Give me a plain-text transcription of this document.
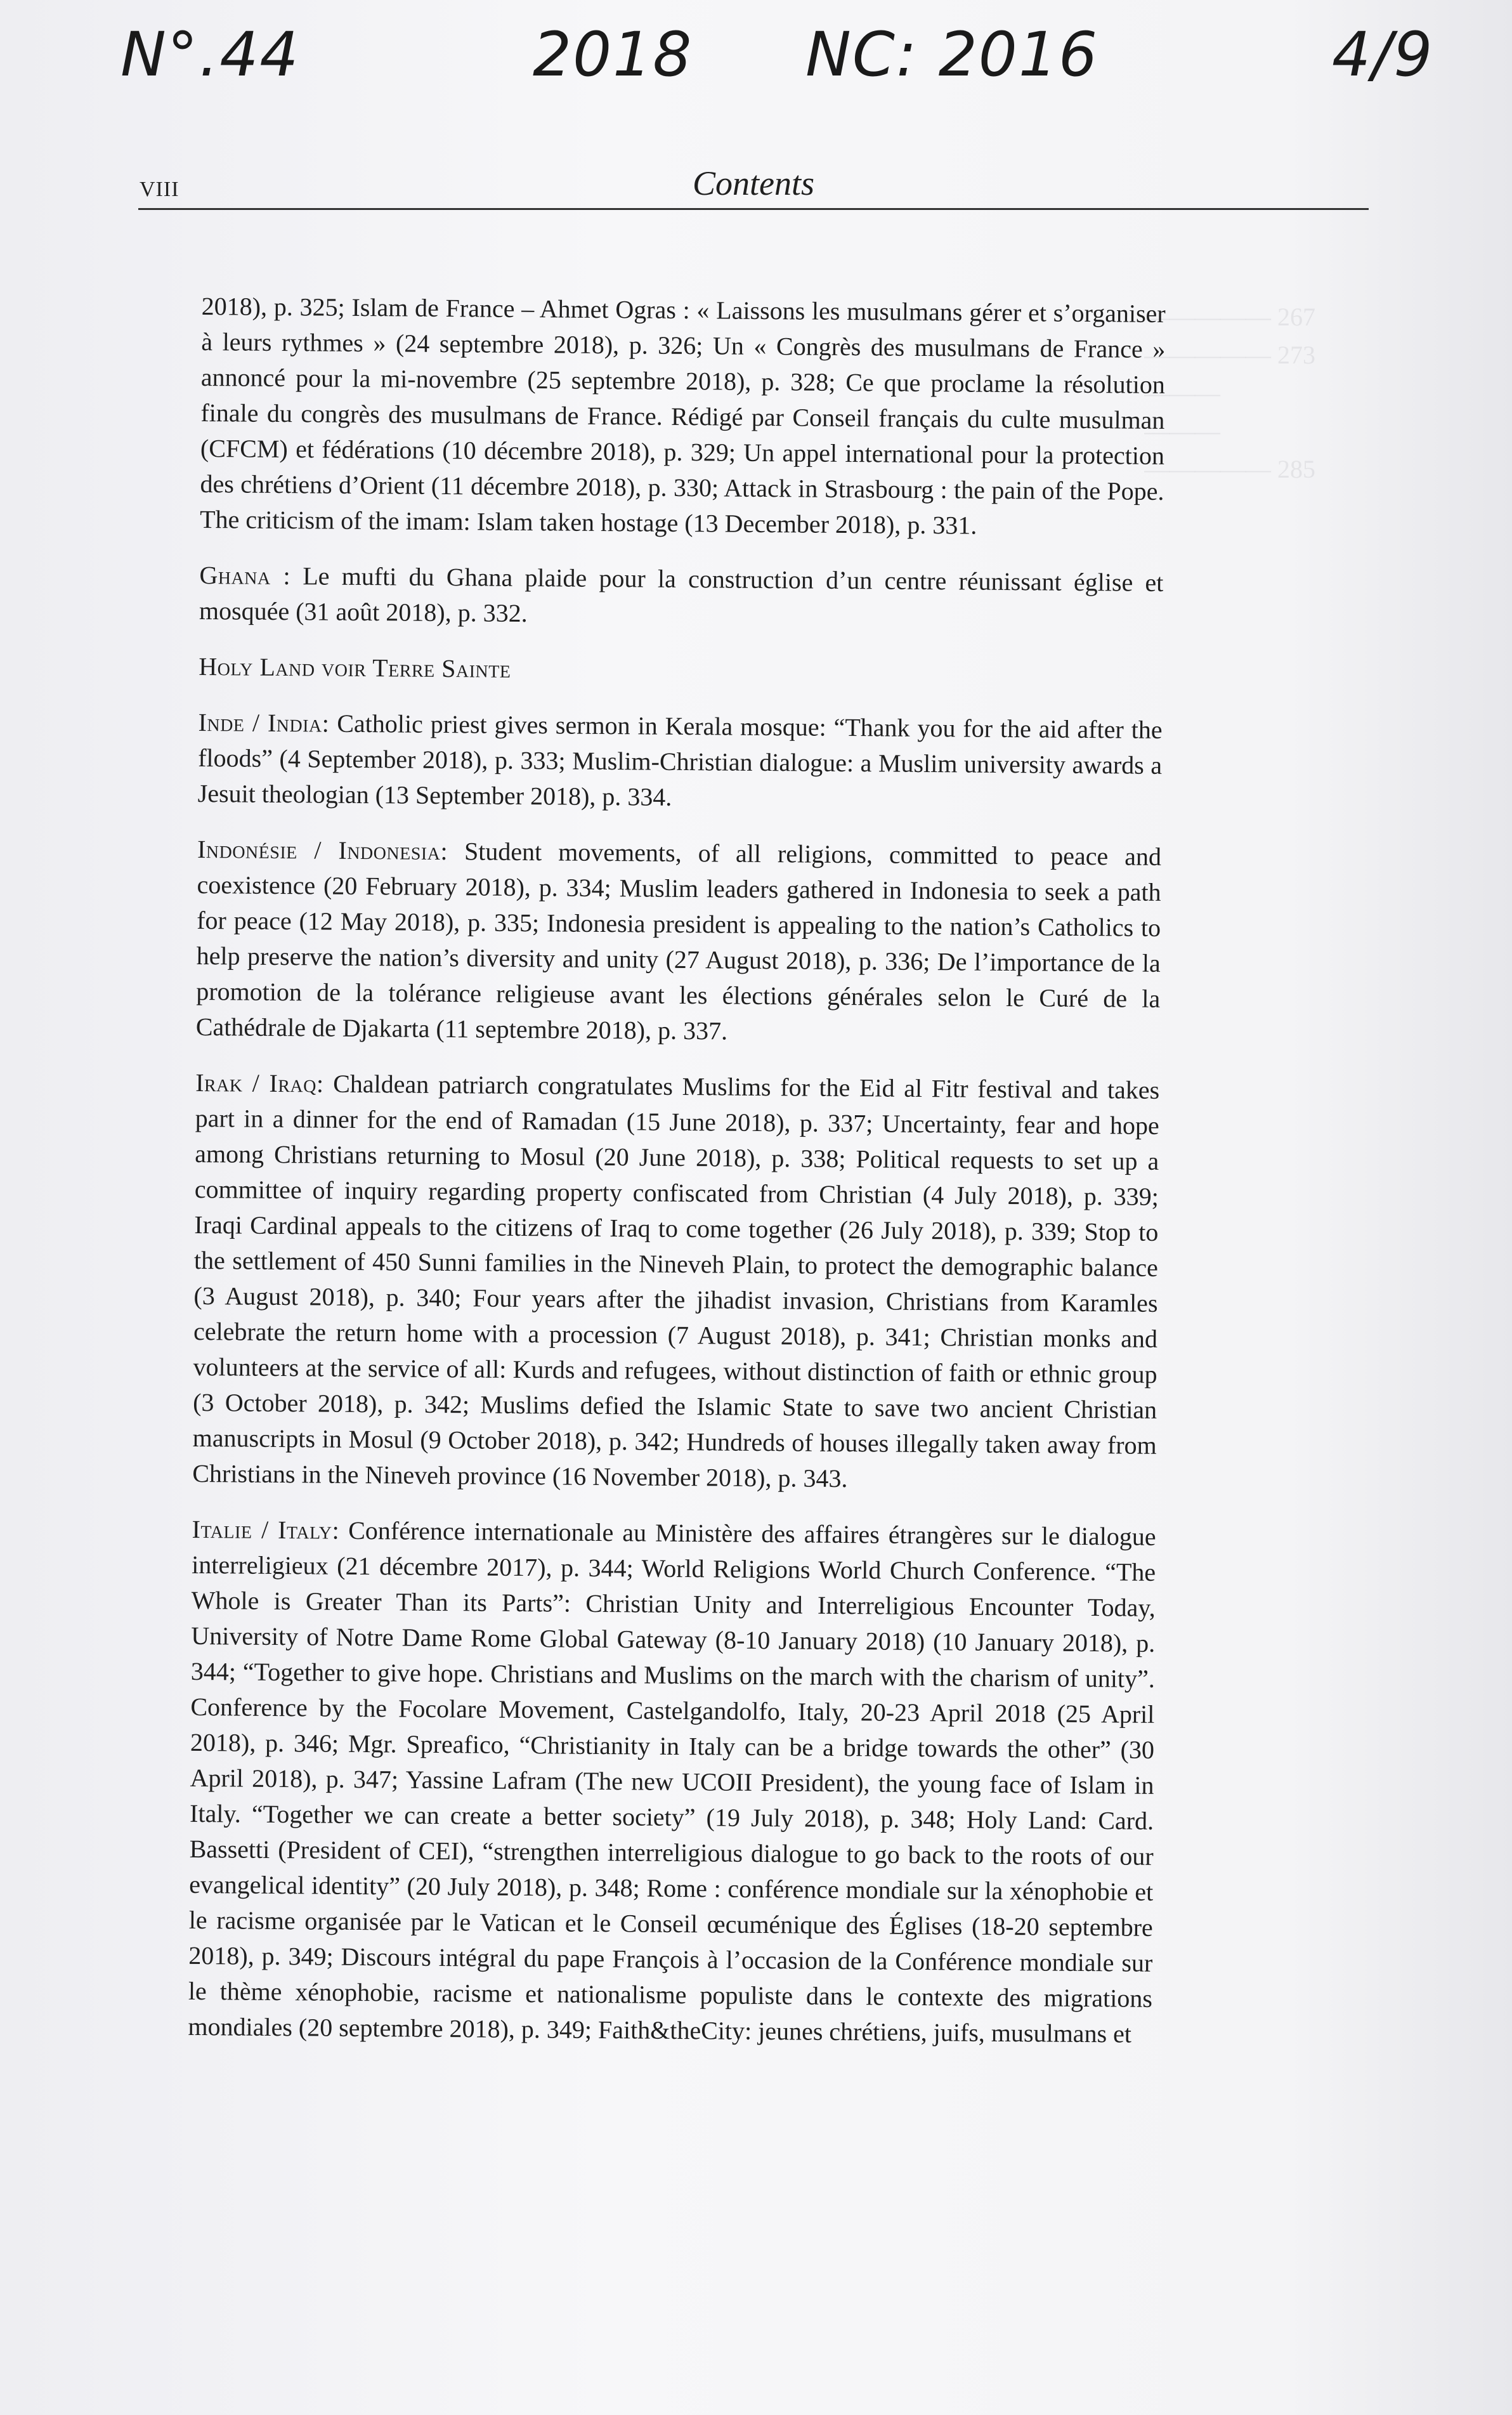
————— 267
————— 273
———
———
————— 285
N°.44	2018 NC: 2016	4/9
VIII	Contents

2018), p. 325; Islam de France – Ahmet Ogras : « Laissons les musulmans gérer et s’organiser à leurs rythmes » (24 septembre 2018), p. 326; Un « Congrès des musulmans de France » annoncé pour la mi-novembre (25 septembre 2018), p. 328; Ce que proclame la résolution finale du congrès des musulmans de France. Rédigé par Conseil français du culte musulman (CFCM) et fédérations (10 décembre 2018), p. 329; Un appel international pour la protection des chrétiens d’Orient (11 décembre 2018), p. 330; Attack in Strasbourg : the pain of the Pope. The criticism of the imam: Islam taken hostage (13 December 2018), p. 331.

Ghana : Le mufti du Ghana plaide pour la construction d’un centre réunissant église et mosquée (31 août 2018), p. 332.

Holy Land voir Terre Sainte

Inde / India: Catholic priest gives sermon in Kerala mosque: “Thank you for the aid after the floods” (4 September 2018), p. 333; Muslim-Christian dialogue: a Muslim university awards a Jesuit theologian (13 September 2018), p. 334.

Indonésie / Indonesia: Student movements, of all religions, committed to peace and coexistence (20 February 2018), p. 334; Muslim leaders gathered in Indonesia to seek a path for peace (12 May 2018), p. 335; Indonesia president is appealing to the nation’s Catholics to help preserve the nation’s diversity and unity (27 August 2018), p. 336; De l’importance de la promotion de la tolérance religieuse avant les élections générales selon le Curé de la Cathédrale de Djakarta (11 septembre 2018), p. 337.

Irak / Iraq: Chaldean patriarch congratulates Muslims for the Eid al Fitr festival and takes part in a dinner for the end of Ramadan (15 June 2018), p. 337; Uncertainty, fear and hope among Christians returning to Mosul (20 June 2018), p. 338; Political requests to set up a committee of inquiry regarding property confiscated from Christian (4 July 2018), p. 339; Iraqi Cardinal appeals to the citizens of Iraq to come together (26 July 2018), p. 339; Stop to the settlement of 450 Sunni families in the Nineveh Plain, to protect the demographic balance (3 August 2018), p. 340; Four years after the jihadist invasion, Christians from Karamles celebrate the return home with a procession (7 August 2018), p. 341; Christian monks and volunteers at the service of all: Kurds and refugees, without distinction of faith or ethnic group (3 October 2018), p. 342; Muslims defied the Islamic State to save two ancient Christian manuscripts in Mosul (9 October 2018), p. 342; Hundreds of houses illegally taken away from Christians in the Nineveh province (16 November 2018), p. 343.

Italie / Italy: Conférence internationale au Ministère des affaires étrangères sur le dialogue interreligieux (21 décembre 2017), p. 344; World Religions World Church Conference. “The Whole is Greater Than its Parts”: Christian Unity and Interreligious Encounter Today, University of Notre Dame Rome Global Gateway (8-10 January 2018) (10 January 2018), p. 344; “Together to give hope. Christians and Muslims on the march with the charism of unity”. Conference by the Focolare Movement, Castelgandolfo, Italy, 20-23 April 2018 (25 April 2018), p. 346; Mgr. Spreafico, “Christianity in Italy can be a bridge towards the other” (30 April 2018), p. 347; Yassine Lafram (The new UCOII President), the young face of Islam in Italy. “Together we can create a better society” (19 July 2018), p. 348; Holy Land: Card. Bassetti (President of CEI), “strengthen interreligious dialogue to go back to the roots of our evangelical identity” (20 July 2018), p. 348; Rome : conférence mondiale sur la xénophobie et le racisme organisée par le Vatican et le Conseil œcuménique des Églises (18-20 septembre 2018), p. 349; Discours intégral du pape François à l’occasion de la Conférence mondiale sur le thème xénophobie, racisme et nationalisme populiste dans le contexte des migrations mondiales (20 septembre 2018), p. 349; Faith&theCity: jeunes chrétiens, juifs, musulmans et
